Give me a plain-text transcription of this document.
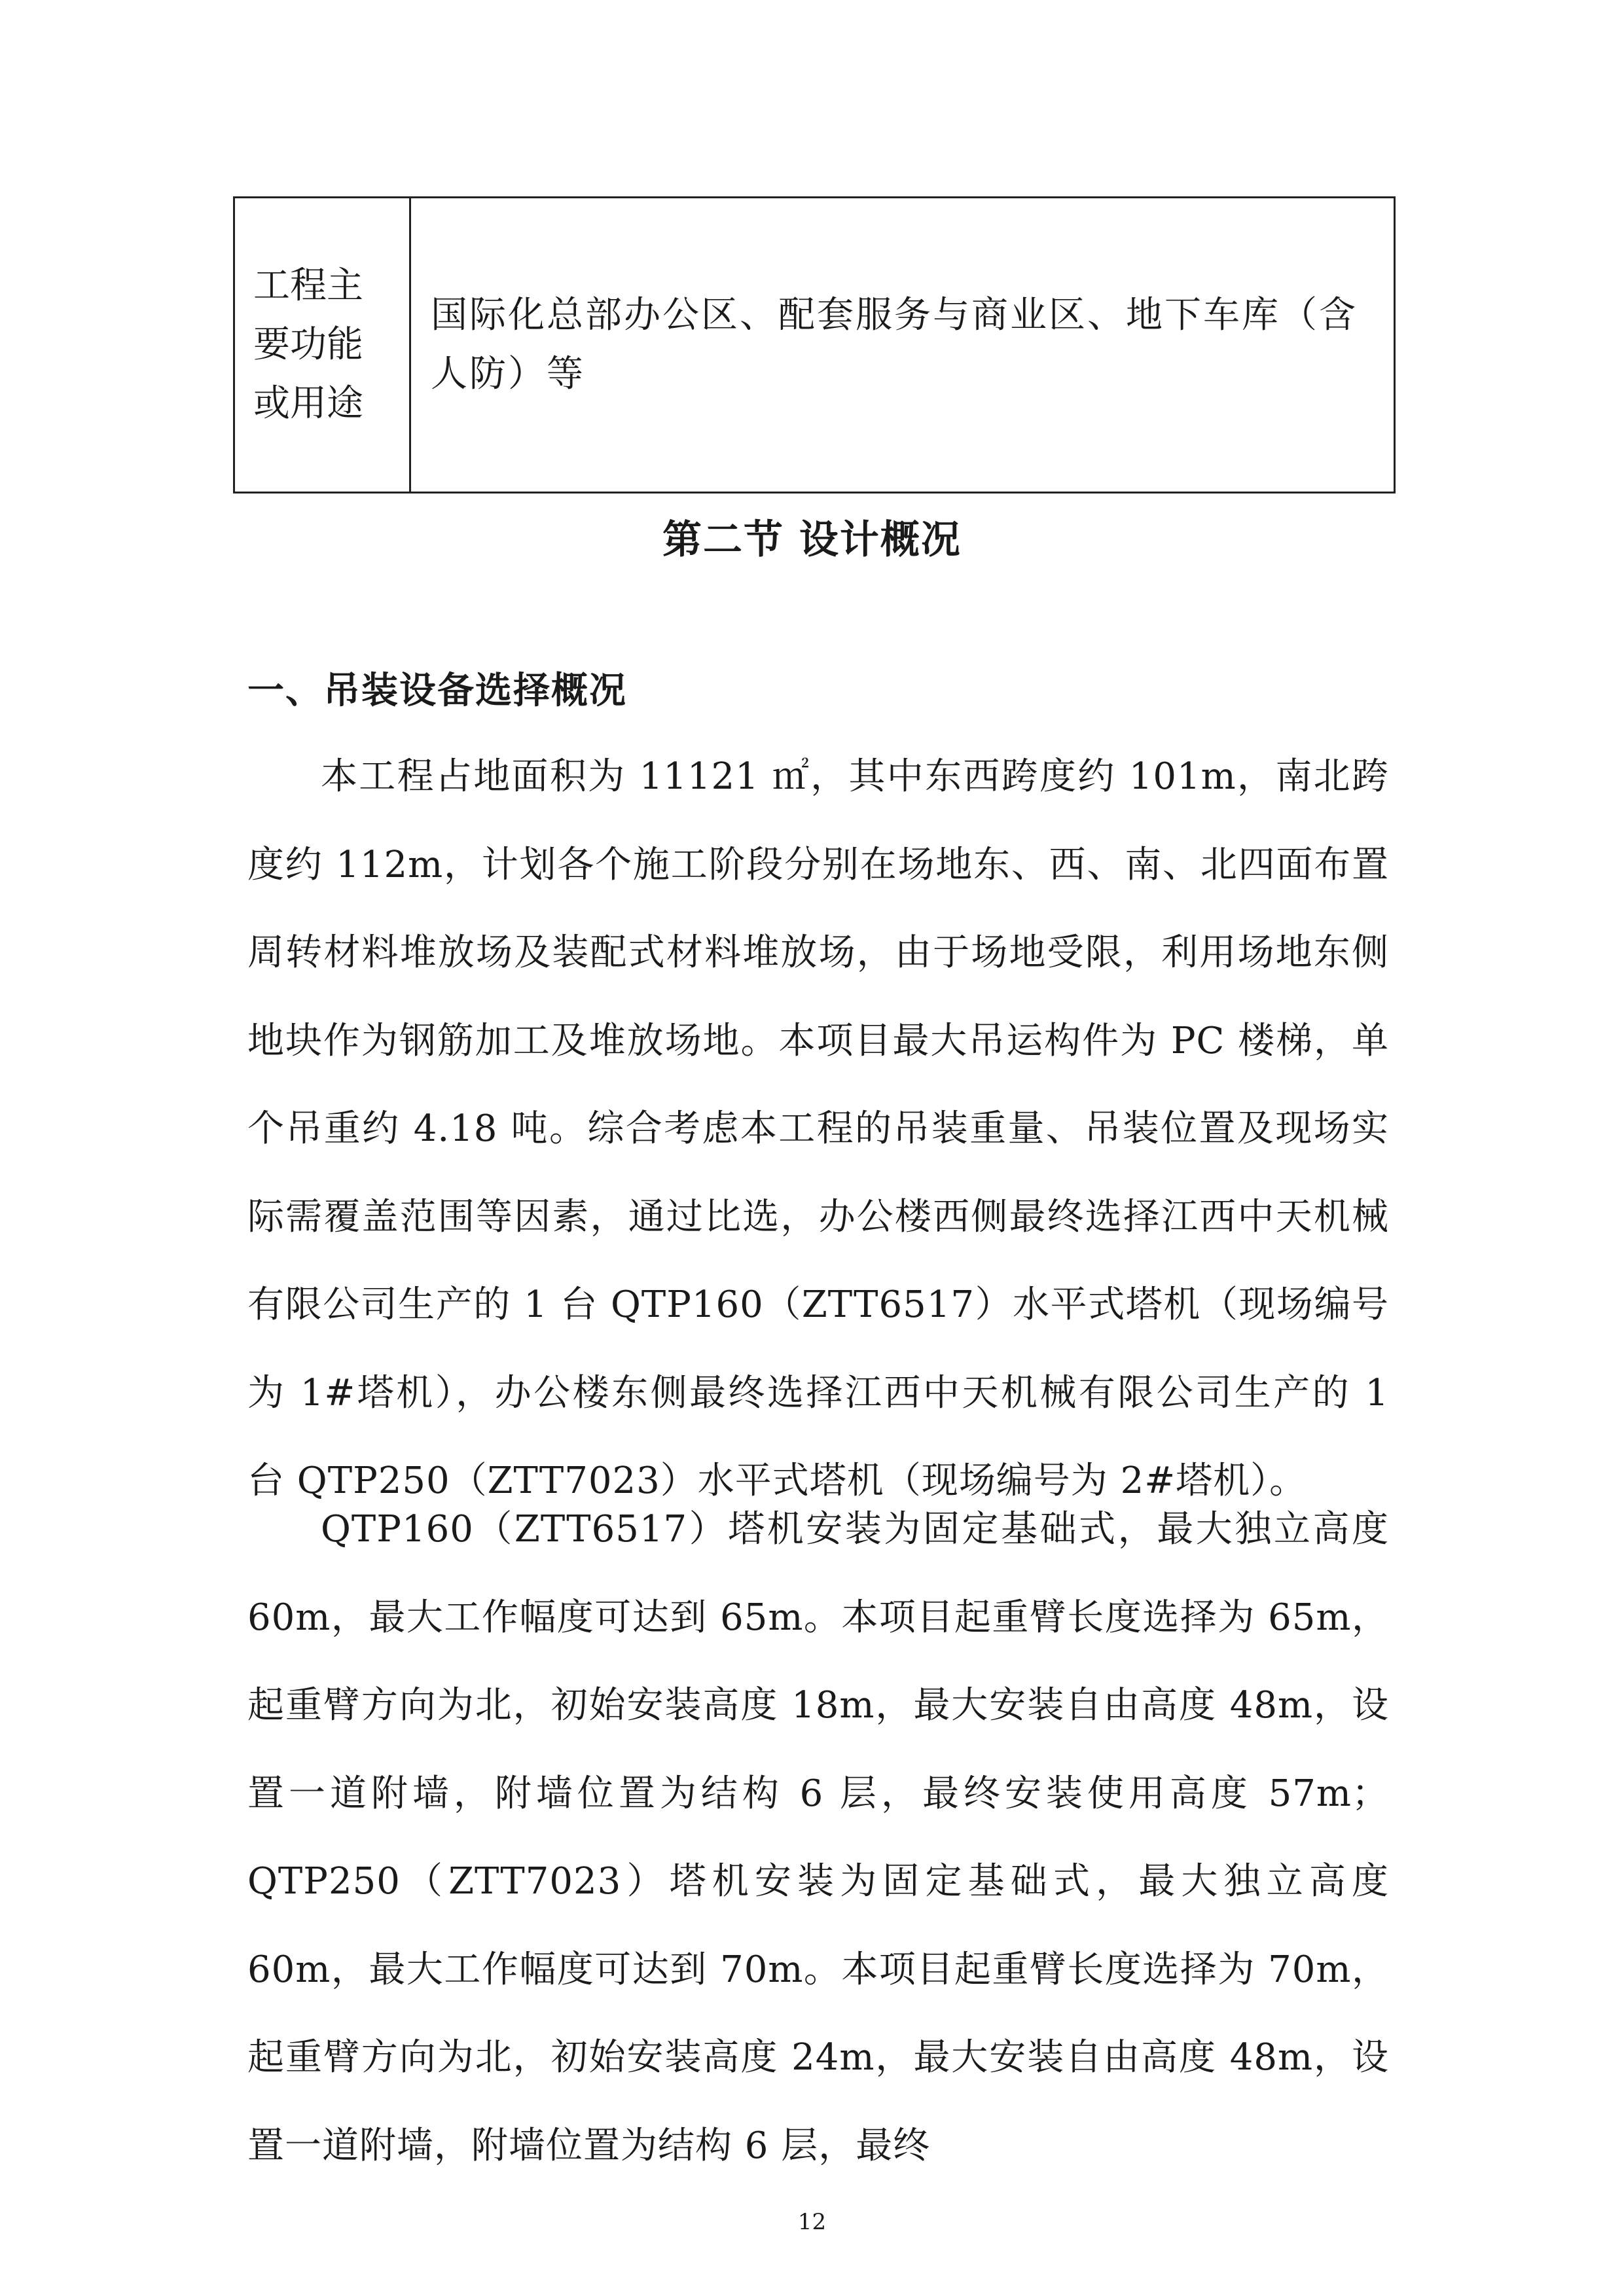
工程主
要功能
或用途
	国际化总部办公区、配套服务与商业区、地下车库（含人防）等
第二节 设计概况
一、吊装设备选择概况

本工程占地面积为 11121 ㎡，其中东西跨度约 101m，南北跨度约 112m，计划各个施工阶段分别在场地东、西、南、北四面布置周转材料堆放场及装配式材料堆放场，由于场地受限，利用场地东侧地块作为钢筋加工及堆放场地。本项目最大吊运构件为 PC 楼梯，单个吊重约 4.18 吨。综合考虑本工程的吊装重量、吊装位置及现场实际需覆盖范围等因素，通过比选，办公楼西侧最终选择江西中天机械有限公司生产的 1 台 QTP160（ZTT6517）水平式塔机（现场编号为 1#塔机），办公楼东侧最终选择江西中天机械有限公司生产的 1 台 QTP250（ZTT7023）水平式塔机（现场编号为 2#塔机）。

QTP160（ZTT6517）塔机安装为固定基础式，最大独立高度 60m，最大工作幅度可达到 65m。本项目起重臂长度选择为 65m，起重臂方向为北，初始安装高度 18m，最大安装自由高度 48m，设置一道附墙，附墙位置为结构 6 层，最终安装使用高度 57m；QTP250（ZTT7023）塔机安装为固定基础式，最大独立高度 60m，最大工作幅度可达到 70m。本项目起重臂长度选择为 70m，起重臂方向为北，初始安装高度 24m，最大安装自由高度 48m，设置一道附墙，附墙位置为结构 6 层，最终

12
